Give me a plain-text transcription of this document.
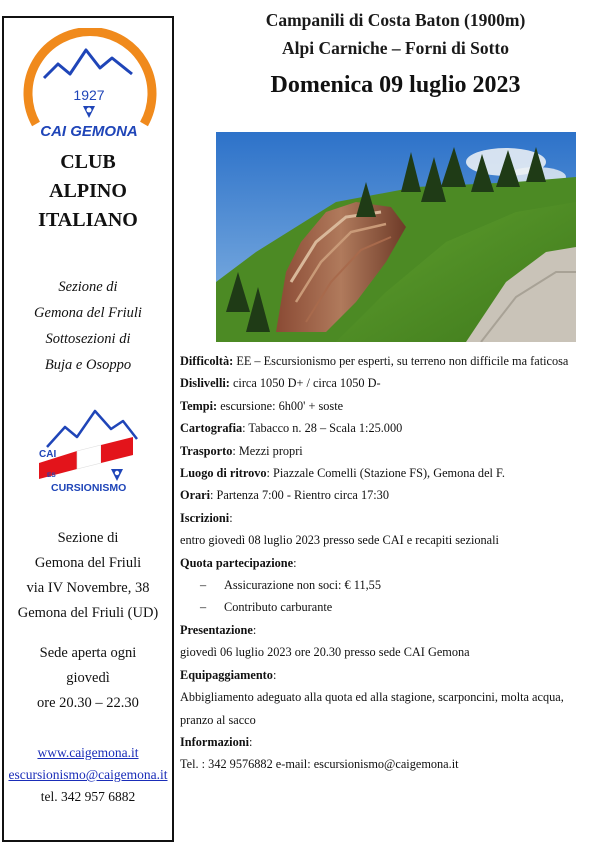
1927
CAI GEMONA
CLUB
ALPINO
ITALIANO
Sezione di
Gemona del Friuli
Sottosezioni di
Buja e Osoppo
CAI
ES
CURSIONISMO
Sezione di
Gemona del Friuli
via IV Novembre, 38
Gemona del Friuli (UD)
Sede aperta ogni
giovedì
ore 20.30 – 22.30
www.caigemona.it
escursionismo@caigemona.it
tel. 342 957 6882
Campanili di Costa Baton (1900m)
Alpi Carniche – Forni di Sotto
Domenica 09 luglio 2023

Difficoltà: EE – Escursionismo per esperti, su terreno non difficile ma faticosa

Dislivelli: circa 1050 D+ / circa 1050 D-

Tempi: escursione: 6h00' + soste

Cartografia: Tabacco n. 28 – Scala 1:25.000

Trasporto: Mezzi propri

Luogo di ritrovo: Piazzale Comelli (Stazione FS), Gemona del F.

Orari: Partenza 7:00 - Rientro circa 17:30

Iscrizioni:

entro giovedì 08 luglio 2023 presso sede CAI e recapiti sezionali

Quota partecipazione:

– Assicurazione non soci: € 11,55

– Contributo carburante

Presentazione:

giovedì 06 luglio 2023 ore 20.30 presso sede CAI Gemona

Equipaggiamento:

Abbigliamento adeguato alla quota ed alla stagione, scarponcini, molta acqua, pranzo al sacco

Informazioni:

Tel. : 342 9576882 e-mail: escursionismo@caigemona.it
